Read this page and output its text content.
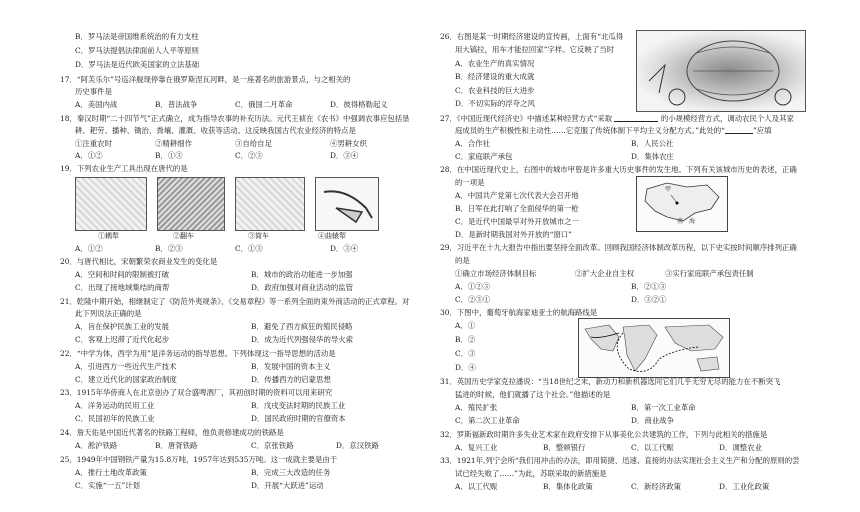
B．罗马法是帝国维系统治的有力支柱
C．罗马法提倡法律面前人人平等原则
D．罗马法是近代欧美国家的立法基础
17．“阿芙乐尔”号巡洋舰现停靠在俄罗斯涅瓦河畔，是一座著名的旅游景点，与之相关的
历史事件是
A．美国内战	B．普法战争	C．俄国二月革命	D．彼得格勒起义
18．秦汉时期“二十四节气”正式确立，成为指导农事的补充历法。元代王祯在《农书》中强调农事应包括垦
耕、耙劳、播种、锄治、粪壤、灌溉、收获等活动。这反映我国古代农业经济的特点是
①注重农时	②精耕细作	③自给自足	④男耕女织
A．①②	B．①③	C．②③	D．③④
19．下列农业生产工具出现在唐代的是
①耦犁	②翻车	③筒车	④曲辕犁
A．①②	B．②③	C．①③	D．③④
20．与唐代相比，宋朝繁荣农商业发生的变化是
A．空间和时间的限制被打破	B．城市的政治功能进一步加强
C．出现了接地域集结的商帮	D．政府加强对商业活动的监管
21．乾隆中期开始，相继制定了《防范外夷规条》、《交易章程》等一系列全面的束外商活动的正式章程。对
此下列说法正确的是
A．旨在保护民族工业的发展	B．避免了西方疯狂的殖民侵略
C．客观上迟滞了近代化起步	D．成为近代列强侵华的导火索
22．“中学为体，西学为用”是洋务运动的指导思想。下列体现这一指导思想的活动是
A．引进西方一些近代生产技术	B．发展中国的资本主义
C．建立近代化的国家政治制度	D．传播西方的启蒙思想
23．1915年华侨商人在北京创办了双合盛啤酒厂，其初创时期的资料可以用来研究
A．洋务运动的民用工业	B．戊戌变法时期的民族工业
C．民国初年的民族工业	D．国民政府时期的官僚资本
24．詹天佑是中国近代著名的铁路工程师，他负责修建成功的铁路是
A．淞沪铁路	B．唐胥铁路	C．京张铁路	D．京汉铁路
25．1949年中国钢铁产量为15.8万吨，1957年达到535万吨。这一成就主要是由于
A．推行土地改革政策	B．完成三大改造的任务
C．实施“一五”计划	D．开展“大跃进”运动
26．右图是某一时期经济建设的宣传画，上面有“北瓜得
用大镐拉，用车才能拉回家”字样。它反映了当时
A．农业生产的真实情况
B．经济建设的重大成就
C．农业科技的巨大进步
D．不切实际的浮夸之风
27．《中国近现代经济史》中描述某种经营方式“采取	的小规模经营方式，调动农民个人及其家
庭成员的生产积极性和主动性……它克服了传统体制下平均主义分配方式。”此处的“	”应填
A．合作社	B．人民公社
C．家庭联产承包	D．集体农庄
28．在中国近现代史上，右图中的城市甲曾是许多重大历史事件的发生地。下列有关该城市历史的表述，正确
的一项是
A．中国共产党第七次代表大会召开地
B．日军在此打响了全面侵华的第一枪
C．是近代中国最早对外开放城市之一
D．是新时期我国对外开放的“窗口”
甲
南　海
29．习近平在十九大报告中指出要坚持全面改革。回顾我国经济体制改革历程，以下史实按时间顺序排列正确
的是
①确立市场经济体制目标	②扩大企业自主权	③实行家庭联产承包责任制
A．①②③	B．②①③
C．②③①	D．③②①
30．下图中，葡萄牙航海家迪亚士的航海路线是
A．①
B．②
C．③
D．④
31．英国历史学家克拉潘说：“当18世纪之末，新动力和新机器选同它们几乎无穷无尽的能力在不断突飞
猛进的时候，他们就播了这个社会。”他描述的是
A．殖民扩张	B．第一次工业革命
C．第二次工业革命	D．商业战争
32．罗斯福新政时期许多失业艺术家在政府安排下从事美化公共建筑的工作，下列与此相关的措施是
A．复兴工业	B．整顿银行	C．以工代赈	D．调整农业
33．1921年,列宁会所“我们用冲击的办法，即用简捷、迅速、直接的办法实现社会主义生产和分配的原则的尝
试已经失败了……”为此，苏联采取的新措施是
A．以工代赈	B．集体化政策	C．新经济政策	D．工业化政策
